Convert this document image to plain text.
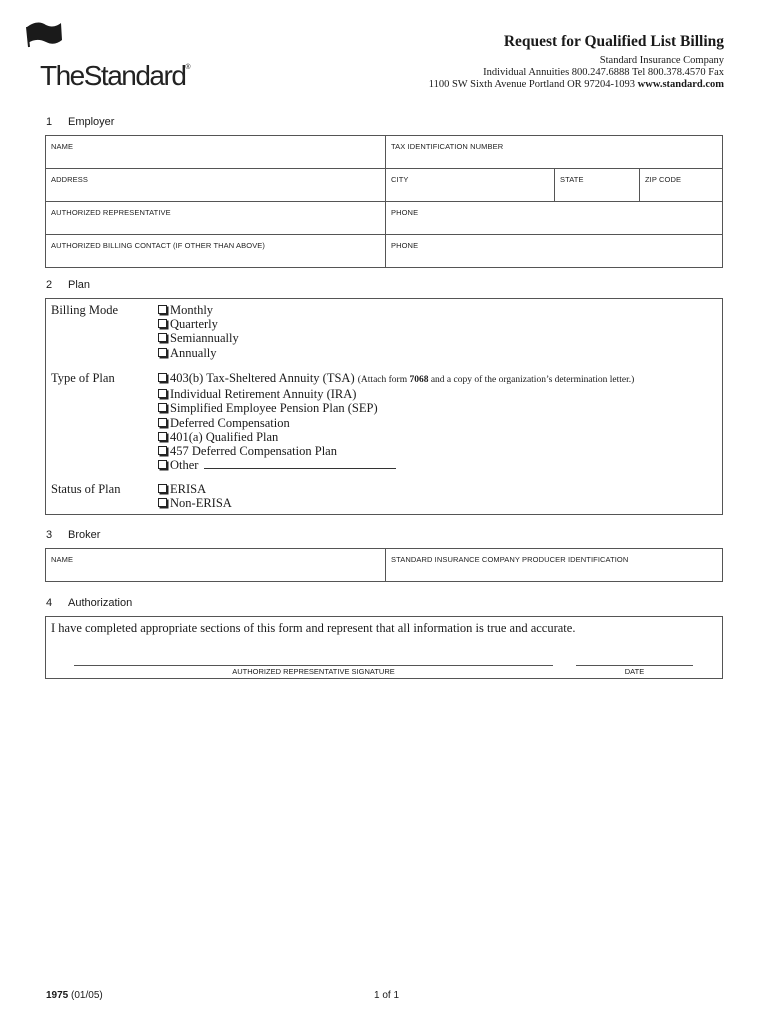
TheStandard®
Request for Qualified List Billing
Standard Insurance Company
Individual Annuities 800.247.6888 Tel 800.378.4570 Fax
1100 SW Sixth Avenue Portland OR 97204-1093 www.standard.com
1 Employer
NAME	TAX IDENTIFICATION NUMBER
ADDRESS	CITY	STATE	ZIP CODE
AUTHORIZED REPRESENTATIVE	PHONE
AUTHORIZED BILLING CONTACT (IF OTHER THAN ABOVE)	PHONE
2 Plan
Billing Mode	Monthly
Quarterly
Semiannually
Annually
Type of Plan	403(b) Tax-Sheltered Annuity (TSA) (Attach form 7068 and a copy of the organization’s determination letter.)
Individual Retirement Annuity (IRA)
Simplified Employee Pension Plan (SEP)
Deferred Compensation
401(a) Qualified Plan
457 Deferred Compensation Plan
Other
Status of Plan	ERISA
Non-ERISA
3 Broker
NAME	STANDARD INSURANCE COMPANY PRODUCER IDENTIFICATION
4 Authorization
I have completed appropriate sections of this form and represent that all information is true and accurate.
AUTHORIZED REPRESENTATIVE SIGNATURE	DATE
1975 (01/05)	1 of 1
